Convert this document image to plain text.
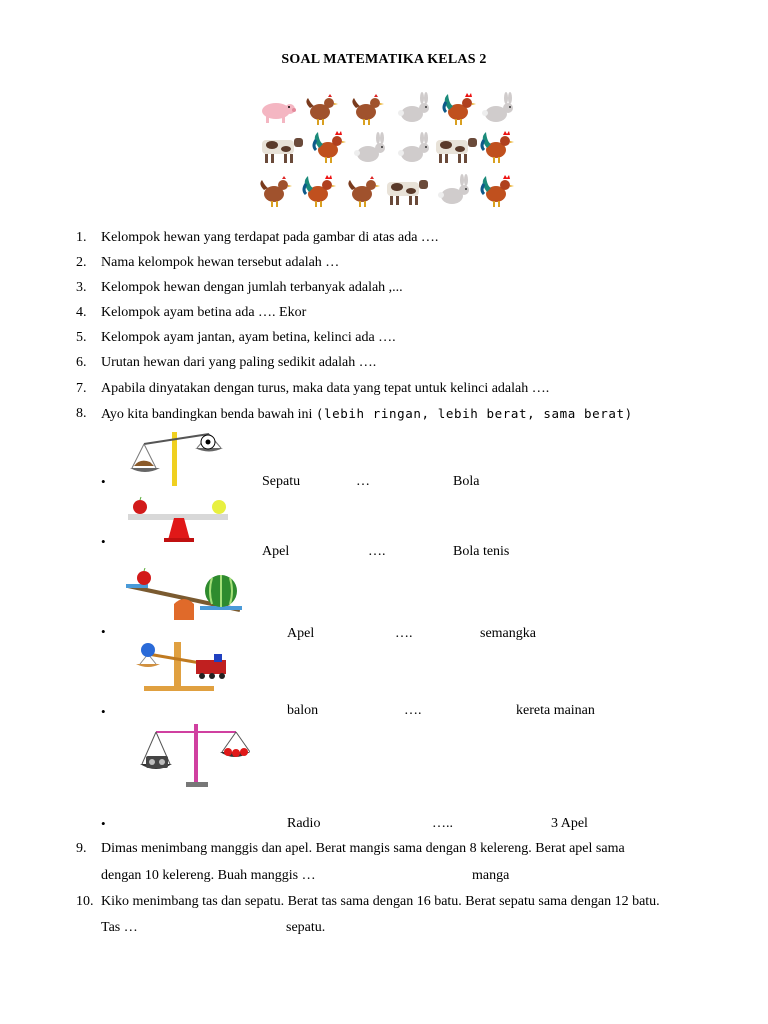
SOAL MATEMATIKA KELAS 2
1.	Kelompok hewan yang terdapat pada gambar di atas ada ….
2.	Nama kelompok hewan tersebut adalah …
3.	Kelompok hewan dengan jumlah terbanyak adalah ,...
4.	Kelompok ayam betina ada …. Ekor
5.	Kelompok ayam jantan, ayam betina, kelinci ada ….
6.	Urutan hewan dari yang paling sedikit adalah ….
7.	Apabila dinyatakan dengan turus, maka data yang tepat untuk kelinci adalah ….
8.	Ayo kita bandingkan benda bawah ini (lebih ringan, lebih berat, sama berat)
•	Sepatu	…	Bola
•
Apel	….	Bola tenis
•	Apel	….	semangka
•	balon	….	kereta mainan
•	Radio	…..	3 Apel
9.	Dimas menimbang manggis dan apel. Berat mangis sama dengan 8 kelereng. Berat apel sama
dengan 10 kelereng. Buah manggis …	manga
10. Kiko menimbang tas dan sepatu. Berat tas sama dengan 16 batu. Berat sepatu sama dengan 12 batu.
Tas …	sepatu.
